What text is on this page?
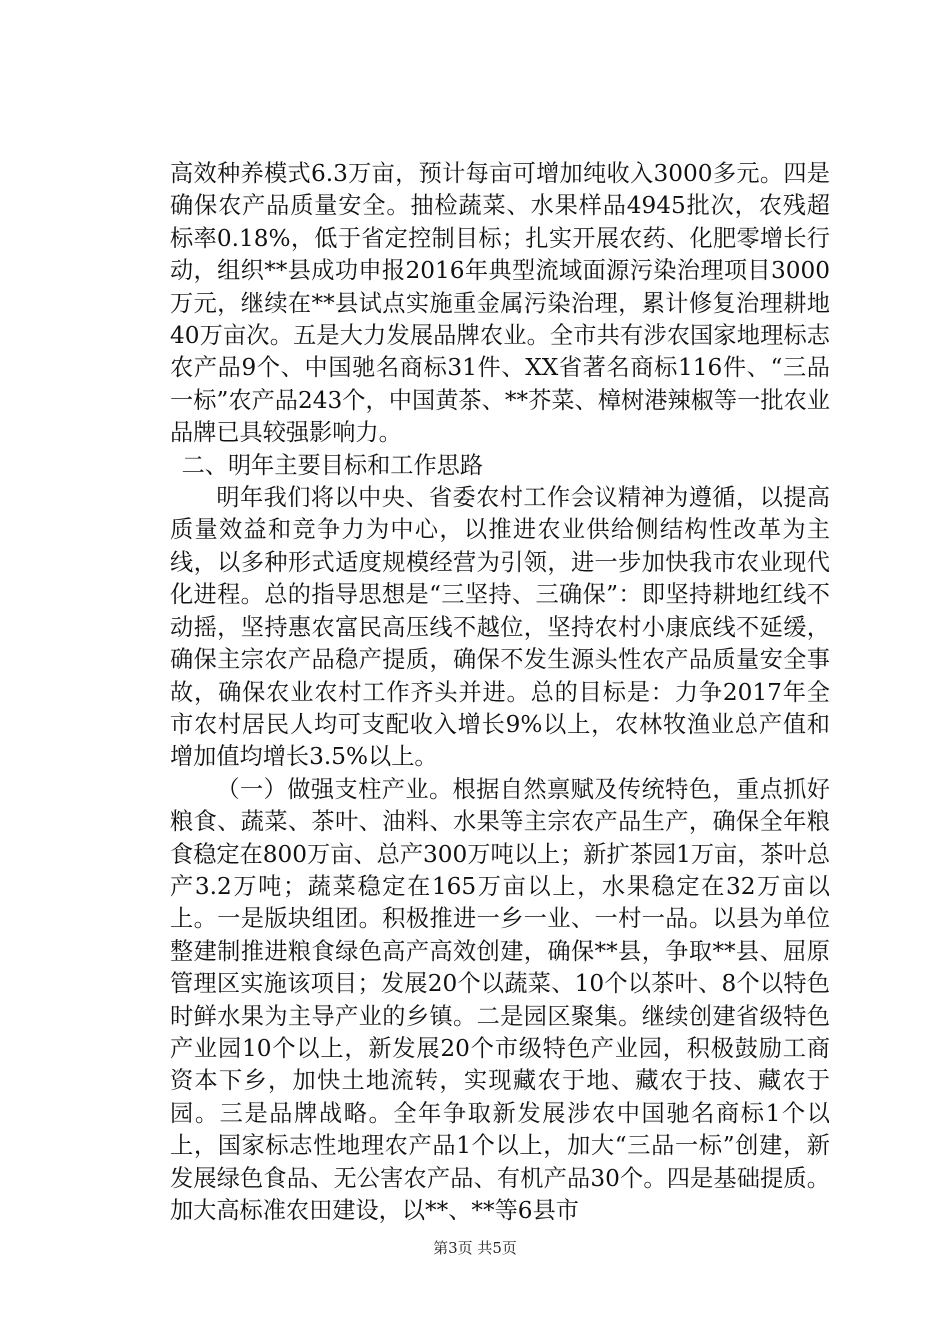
高效种养模式6.3万亩，预计每亩可增加纯收入3000多元。四是确保农产品质量安全。抽检蔬菜、水果样品4945批次，农残超标率0.18%，低于省定控制目标；扎实开展农药、化肥零增长行动，组织**县成功申报2016年典型流域面源污染治理项目3000万元，继续在**县试点实施重金属污染治理，累计修复治理耕地40万亩次。五是大力发展品牌农业。全市共有涉农国家地理标志农产品9个、中国驰名商标31件、XX省著名商标116件、“三品一标”农产品243个，中国黄茶、**芥菜、樟树港辣椒等一批农业品牌已具较强影响力。

二、明年主要目标和工作思路

明年我们将以中央、省委农村工作会议精神为遵循，以提高质量效益和竞争力为中心，以推进农业供给侧结构性改革为主线，以多种形式适度规模经营为引领，进一步加快我市农业现代化进程。总的指导思想是“三坚持、三确保”：即坚持耕地红线不动摇，坚持惠农富民高压线不越位，坚持农村小康底线不延缓，确保主宗农产品稳产提质，确保不发生源头性农产品质量安全事故，确保农业农村工作齐头并进。总的目标是：力争2017年全市农村居民人均可支配收入增长9%以上，农林牧渔业总产值和增加值均增长3.5%以上。

（一）做强支柱产业。根据自然禀赋及传统特色，重点抓好粮食、蔬菜、茶叶、油料、水果等主宗农产品生产，确保全年粮食稳定在800万亩、总产300万吨以上；新扩茶园1万亩，茶叶总产3.2万吨；蔬菜稳定在165万亩以上，水果稳定在32万亩以上。一是版块组团。积极推进一乡一业、一村一品。以县为单位整建制推进粮食绿色高产高效创建，确保**县，争取**县、屈原管理区实施该项目；发展20个以蔬菜、10个以茶叶、8个以特色时鲜水果为主导产业的乡镇。二是园区聚集。继续创建省级特色产业园10个以上，新发展20个市级特色产业园，积极鼓励工商资本下乡，加快土地流转，实现藏农于地、藏农于技、藏农于园。三是品牌战略。全年争取新发展涉农中国驰名商标1个以上，国家标志性地理农产品1个以上，加大“三品一标”创建，新发展绿色食品、无公害农产品、有机产品30个。四是基础提质。加大高标准农田建设，以**、**等6县市

第3页 共5页
